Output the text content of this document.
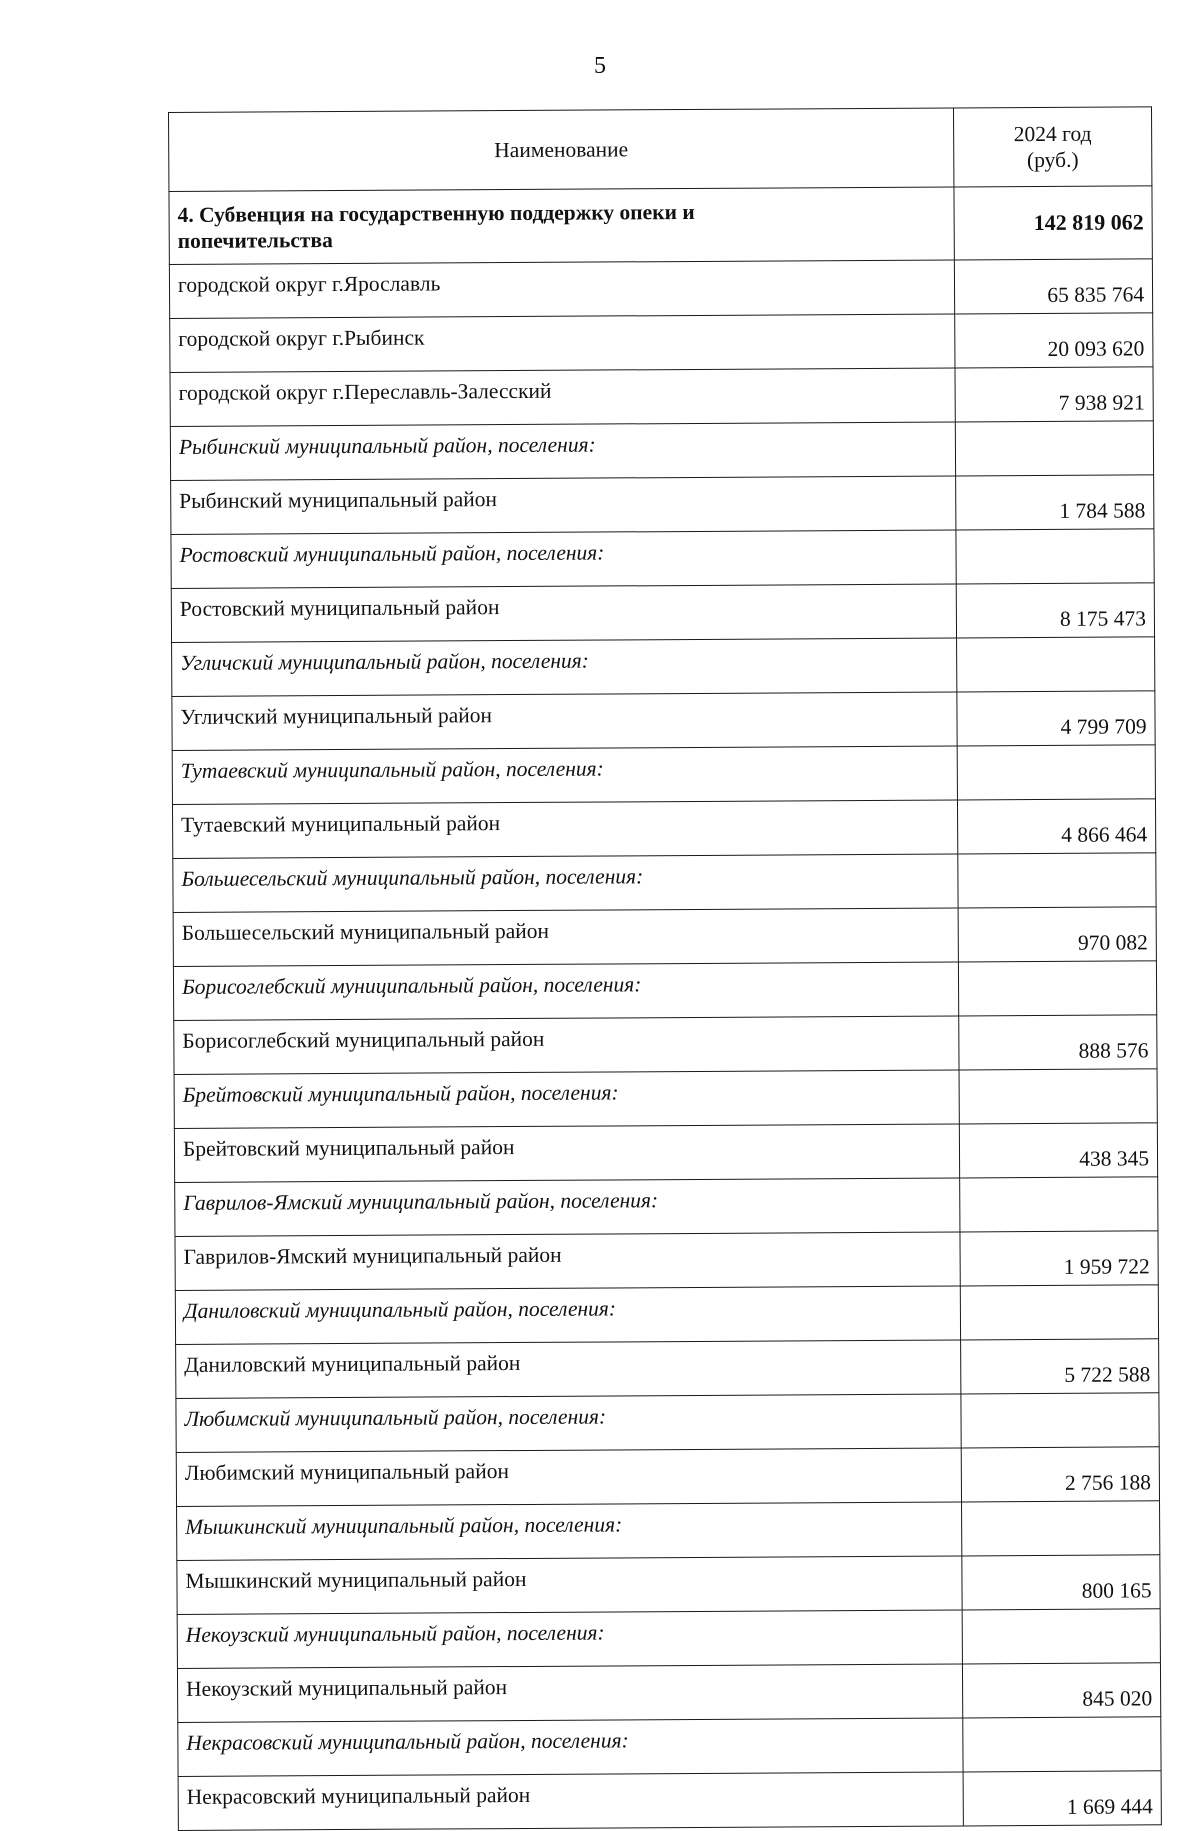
5
Наименование	2024 год
(руб.)

4. Субвенция на государственную поддержку опеки и попечительства	142 819 062
городской округ г.Ярославль	65 835 764
городской округ г.Рыбинск	20 093 620
городской округ г.Переславль-Залесский	7 938 921
Рыбинский муниципальный район, поселения:	
Рыбинский муниципальный район	1 784 588
Ростовский муниципальный район, поселения:	
Ростовский муниципальный район	8 175 473
Угличский муниципальный район, поселения:	
Угличский муниципальный район	4 799 709
Тутаевский муниципальный район, поселения:	
Тутаевский муниципальный район	4 866 464
Большесельский муниципальный район, поселения:	
Большесельский муниципальный район	970 082
Борисоглебский муниципальный район, поселения:	
Борисоглебский муниципальный район	888 576
Брейтовский муниципальный район, поселения:	
Брейтовский муниципальный район	438 345
Гаврилов-Ямский муниципальный район, поселения:	
Гаврилов-Ямский муниципальный район	1 959 722
Даниловский муниципальный район, поселения:	
Даниловский муниципальный район	5 722 588
Любимский муниципальный район, поселения:	
Любимский муниципальный район	2 756 188
Мышкинский муниципальный район, поселения:	
Мышкинский муниципальный район	800 165
Некоузский муниципальный район, поселения:	
Некоузский муниципальный район	845 020
Некрасовский муниципальный район, поселения:	
Некрасовский муниципальный район	1 669 444
